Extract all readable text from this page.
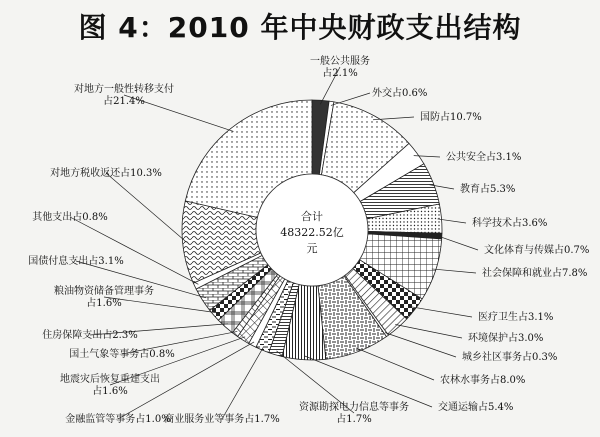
图 4：2010 年中央财政支出结构
一般公共服务占2.1%
外交占0.6%
国防占10.7%
公共安全占3.1%
教育占5.3%
科学技术占3.6%
文化体育与传媒占0.7%
社会保障和就业占7.8%
医疗卫生占3.1%
环境保护占3.0%
城乡社区事务占0.3%
农林水事务占8.0%
交通运输占5.4%
资源勘探电力信息等事务占1.7%
商业服务业等事务占1.7%
金融监管等事务占1.0%
地震灾后恢复重建支出占1.6%
国土气象等事务占0.8%
住房保障支出占2.3%
粮油物资储备管理事务占1.6%
国债付息支出占3.1%
其他支出占0.8%
对地方税收返还占10.3%
对地方一般性转移支付占21.4%
合计
48322.52亿
元
